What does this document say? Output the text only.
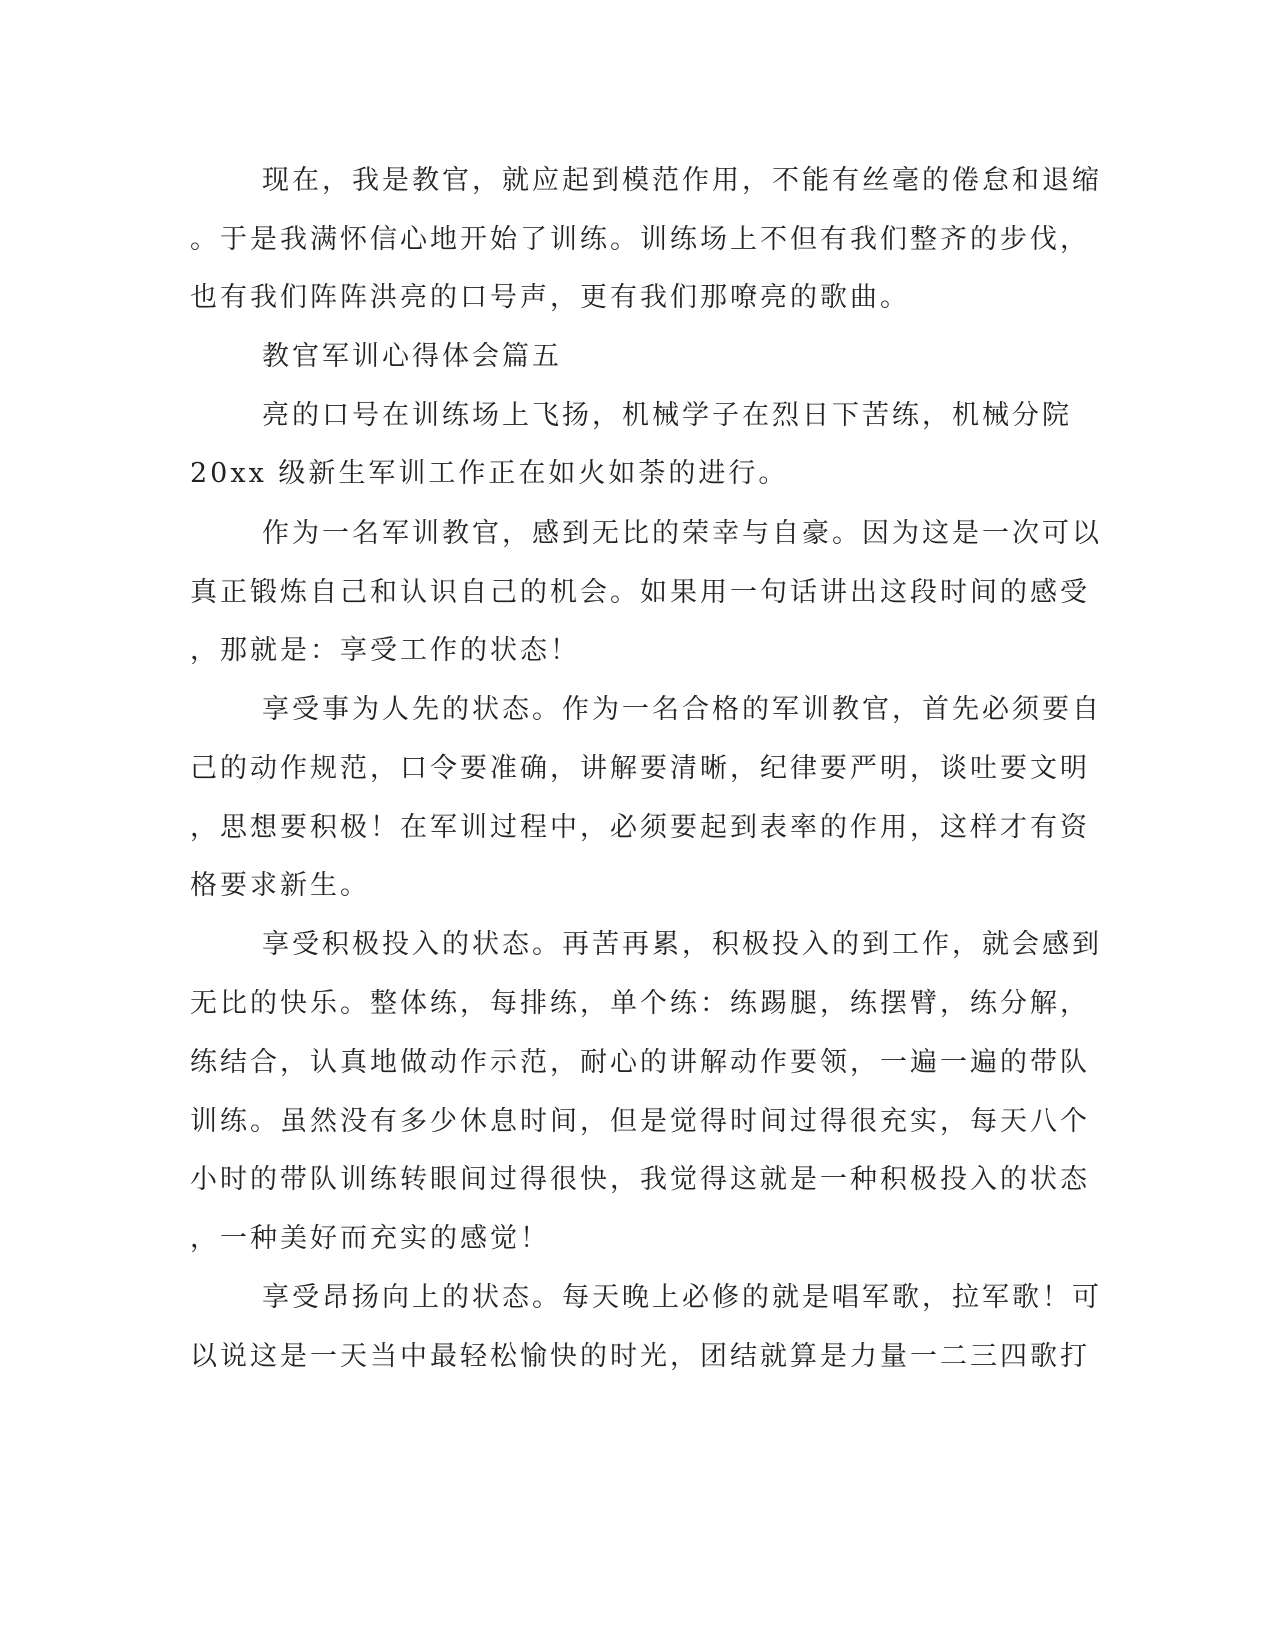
现在，我是教官，就应起到模范作用，不能有丝毫的倦怠和退缩
。于是我满怀信心地开始了训练。训练场上不但有我们整齐的步伐，
也有我们阵阵洪亮的口号声，更有我们那嘹亮的歌曲。
教官军训心得体会篇五
亮的口号在训练场上飞扬，机械学子在烈日下苦练，机械分院
20xx 级新生军训工作正在如火如荼的进行。
作为一名军训教官，感到无比的荣幸与自豪。因为这是一次可以
真正锻炼自己和认识自己的机会。如果用一句话讲出这段时间的感受
，那就是：享受工作的状态！
享受事为人先的状态。作为一名合格的军训教官，首先必须要自
己的动作规范，口令要准确，讲解要清晰，纪律要严明，谈吐要文明
，思想要积极！在军训过程中，必须要起到表率的作用，这样才有资
格要求新生。
享受积极投入的状态。再苦再累，积极投入的到工作，就会感到
无比的快乐。整体练，每排练，单个练：练踢腿，练摆臂，练分解，
练结合，认真地做动作示范，耐心的讲解动作要领，一遍一遍的带队
训练。虽然没有多少休息时间，但是觉得时间过得很充实，每天八个
小时的带队训练转眼间过得很快，我觉得这就是一种积极投入的状态
，一种美好而充实的感觉！
享受昂扬向上的状态。每天晚上必修的就是唱军歌，拉军歌！可
以说这是一天当中最轻松愉快的时光，团结就算是力量一二三四歌打
